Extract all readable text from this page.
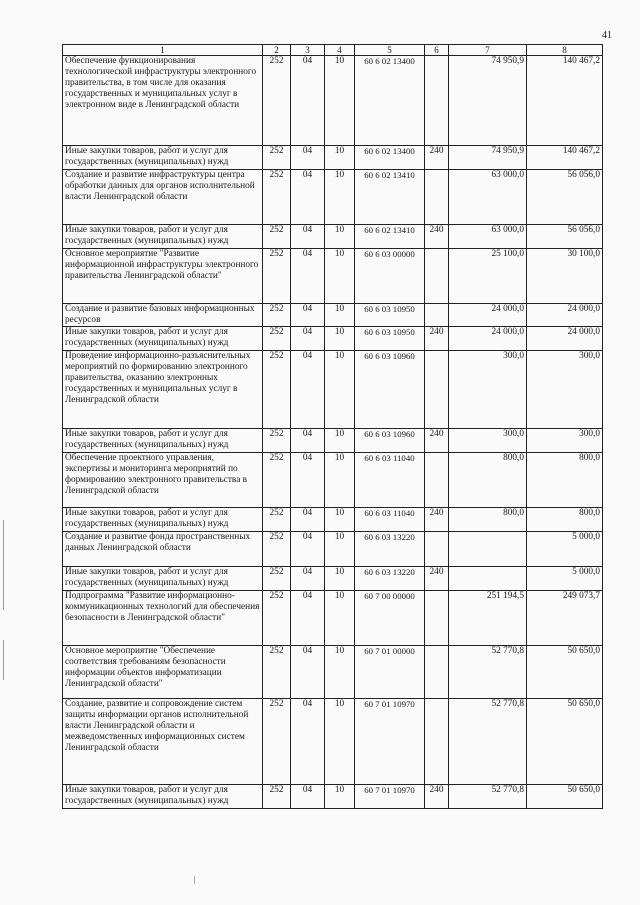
41
1	2	3	4	5	6	7	8
Обеспечение функционирования технологической инфраструктуры электронного правительства, в том числе для оказания государственных и муниципальных услуг в электронном виде в Ленинградской области	252	04	10	60 6 02 13400		74 950,9	140 467,2
Иные закупки товаров, работ и услуг для государственных (муниципальных) нужд	252	04	10	60 6 02 13400	240	74 950,9	140 467,2
Создание и развитие инфраструктуры центра обработки данных для органов исполнительной власти Ленинградской области	252	04	10	60 6 02 13410		63 000,0	56 056,0
Иные закупки товаров, работ и услуг для государственных (муниципальных) нужд	252	04	10	60 6 02 13410	240	63 000,0	56 056,0
Основное мероприятие "Развитие информационной инфраструктуры электронного правительства Ленинградской области"	252	04	10	60 6 03 00000		25 100,0	30 100,0
Создание и развитие базовых информационных ресурсов	252	04	10	60 6 03 10950		24 000,0	24 000,0
Иные закупки товаров, работ и услуг для государственных (муниципальных) нужд	252	04	10	60 6 03 10950	240	24 000,0	24 000,0
Проведение информационно-разъяснительных мероприятий по формированию электронного правительства, оказанию электронных государственных и муниципальных услуг в Ленинградской области	252	04	10	60 6 03 10960		300,0	300,0
Иные закупки товаров, работ и услуг для государственных (муниципальных) нужд	252	04	10	60 6 03 10960	240	300,0	300,0
Обеспечение проектного управления, экспертизы и мониторинга мероприятий по формированию электронного правительства в Ленинградской области	252	04	10	60 6 03 11040		800,0	800,0
Иные закупки товаров, работ и услуг для государственных (муниципальных) нужд	252	04	10	60 6 03 11040	240	800,0	800,0
Создание и развитие фонда пространственных данных Ленинградской области	252	04	10	60 6 03 13220			5 000,0
Иные закупки товаров, работ и услуг для государственных (муниципальных) нужд	252	04	10	60 6 03 13220	240		5 000,0
Подпрограмма "Развитие информационно-коммуникационных технологий для обеспечения безопасности в Ленинградской области"	252	04	10	60 7 00 00000		251 194,5	249 073,7
Основное мероприятие "Обеспечение соответствия требованиям безопасности информации объектов информатизации Ленинградской области"	252	04	10	60 7 01 00000		52 770,8	50 650,0
Создание, развитие и сопровождение систем защиты информации органов исполнительной власти Ленинградской области и межведомственных информационных систем Ленинградской области	252	04	10	60 7 01 10970		52 770,8	50 650,0
Иные закупки товаров, работ и услуг для государственных (муниципальных) нужд	252	04	10	60 7 01 10970	240	52 770,8	50 650,0
